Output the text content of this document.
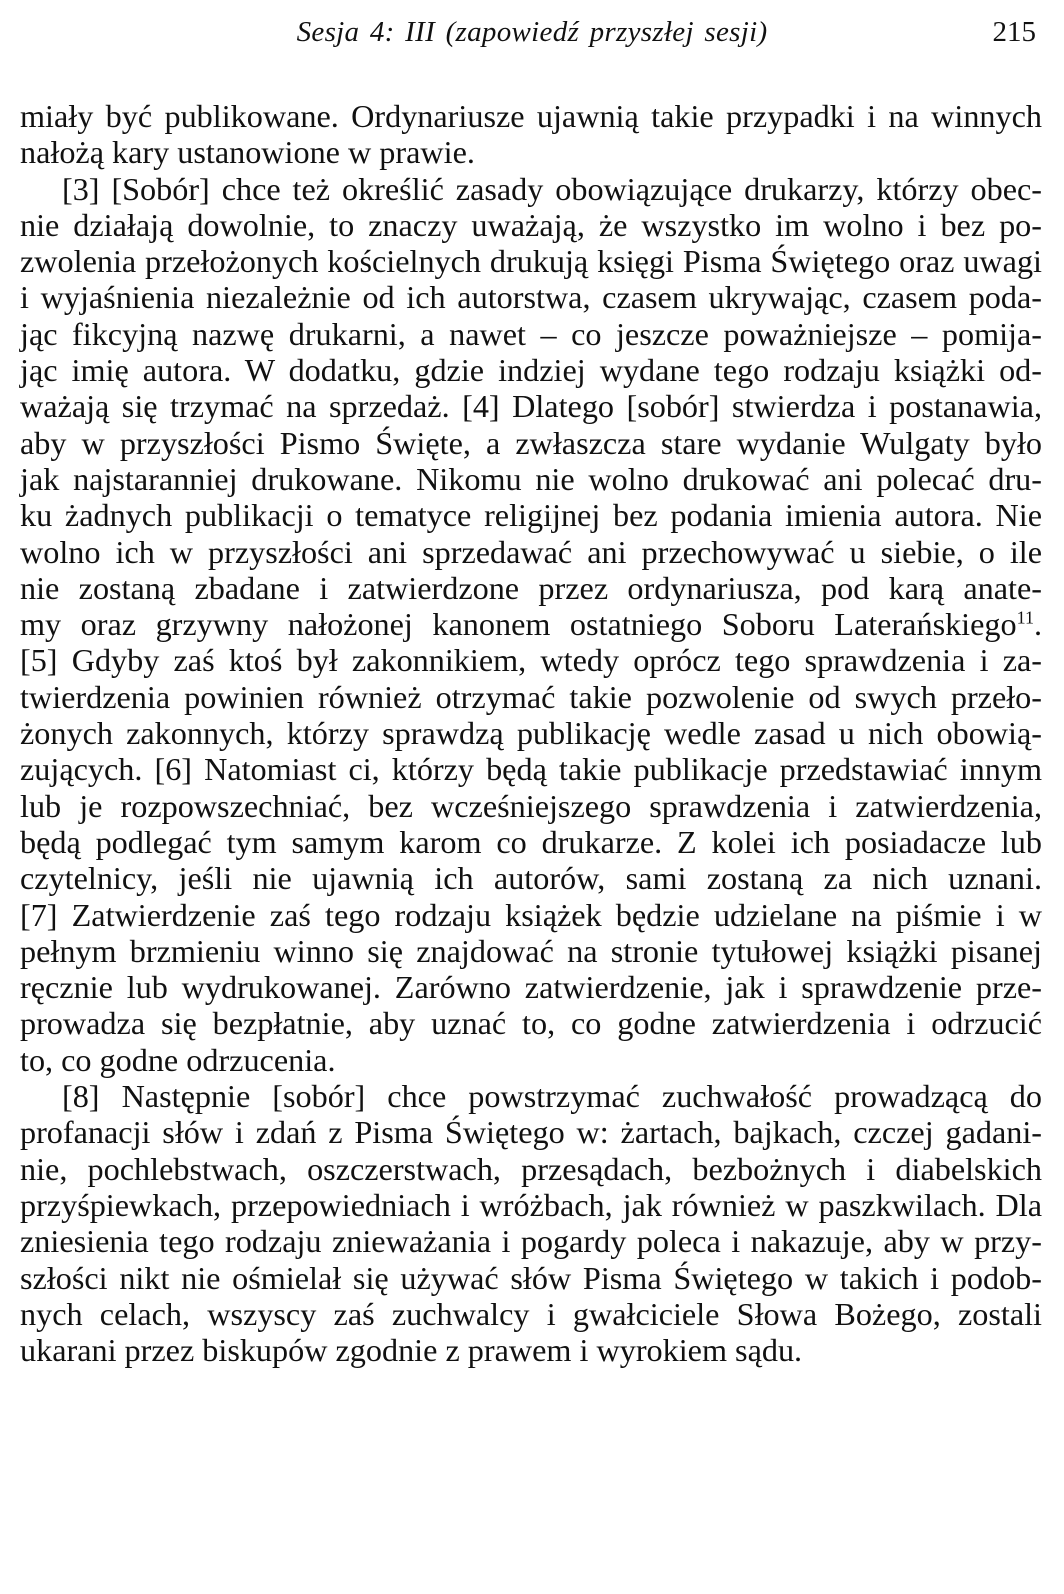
Sesja 4: III (zapowiedź przyszłej sesji)	215
miały być publikowane. Ordynariusze ujawnią takie przypadki i na winnych
nałożą kary ustanowione w prawie.
[3] [Sobór] chce też określić zasady obowiązujące drukarzy, którzy obec-
nie działają dowolnie, to znaczy uważają, że wszystko im wolno i bez po-
zwolenia przełożonych kościelnych drukują księgi Pisma Świętego oraz uwagi
i wyjaśnienia niezależnie od ich autorstwa, czasem ukrywając, czasem poda-
jąc fikcyjną nazwę drukarni, a nawet – co jeszcze poważniejsze – pomija-
jąc imię autora. W dodatku, gdzie indziej wydane tego rodzaju książki od-
ważają się trzymać na sprzedaż. [4] Dlatego [sobór] stwierdza i postanawia,
aby w przyszłości Pismo Święte, a zwłaszcza stare wydanie Wulgaty było
jak najstaranniej drukowane. Nikomu nie wolno drukować ani polecać dru-
ku żadnych publikacji o tematyce religijnej bez podania imienia autora. Nie
wolno ich w przyszłości ani sprzedawać ani przechowywać u siebie, o ile
nie zostaną zbadane i zatwierdzone przez ordynariusza, pod karą anate-
my oraz grzywny nałożonej kanonem ostatniego Soboru Laterańskiego$^{11}$.
[5] Gdyby zaś ktoś był zakonnikiem, wtedy oprócz tego sprawdzenia i za-
twierdzenia powinien również otrzymać takie pozwolenie od swych przeło-
żonych zakonnych, którzy sprawdzą publikację wedle zasad u nich obowią-
zujących. [6] Natomiast ci, którzy będą takie publikacje przedstawiać innym
lub je rozpowszechniać, bez wcześniejszego sprawdzenia i zatwierdzenia,
będą podlegać tym samym karom co drukarze. Z kolei ich posiadacze lub
czytelnicy, jeśli nie ujawnią ich autorów, sami zostaną za nich uznani.
[7] Zatwierdzenie zaś tego rodzaju książek będzie udzielane na piśmie i w
pełnym brzmieniu winno się znajdować na stronie tytułowej książki pisanej
ręcznie lub wydrukowanej. Zarówno zatwierdzenie, jak i sprawdzenie prze-
prowadza się bezpłatnie, aby uznać to, co godne zatwierdzenia i odrzucić
to, co godne odrzucenia.
[8] Następnie [sobór] chce powstrzymać zuchwałość prowadzącą do
profanacji słów i zdań z Pisma Świętego w: żartach, bajkach, czczej gadani-
nie, pochlebstwach, oszczerstwach, przesądach, bezbożnych i diabelskich
przyśpiewkach, przepowiedniach i wróżbach, jak również w paszkwilach. Dla
zniesienia tego rodzaju znieważania i pogardy poleca i nakazuje, aby w przy-
szłości nikt nie ośmielał się używać słów Pisma Świętego w takich i podob-
nych celach, wszyscy zaś zuchwalcy i gwałciciele Słowa Bożego, zostali
ukarani przez biskupów zgodnie z prawem i wyrokiem sądu.
